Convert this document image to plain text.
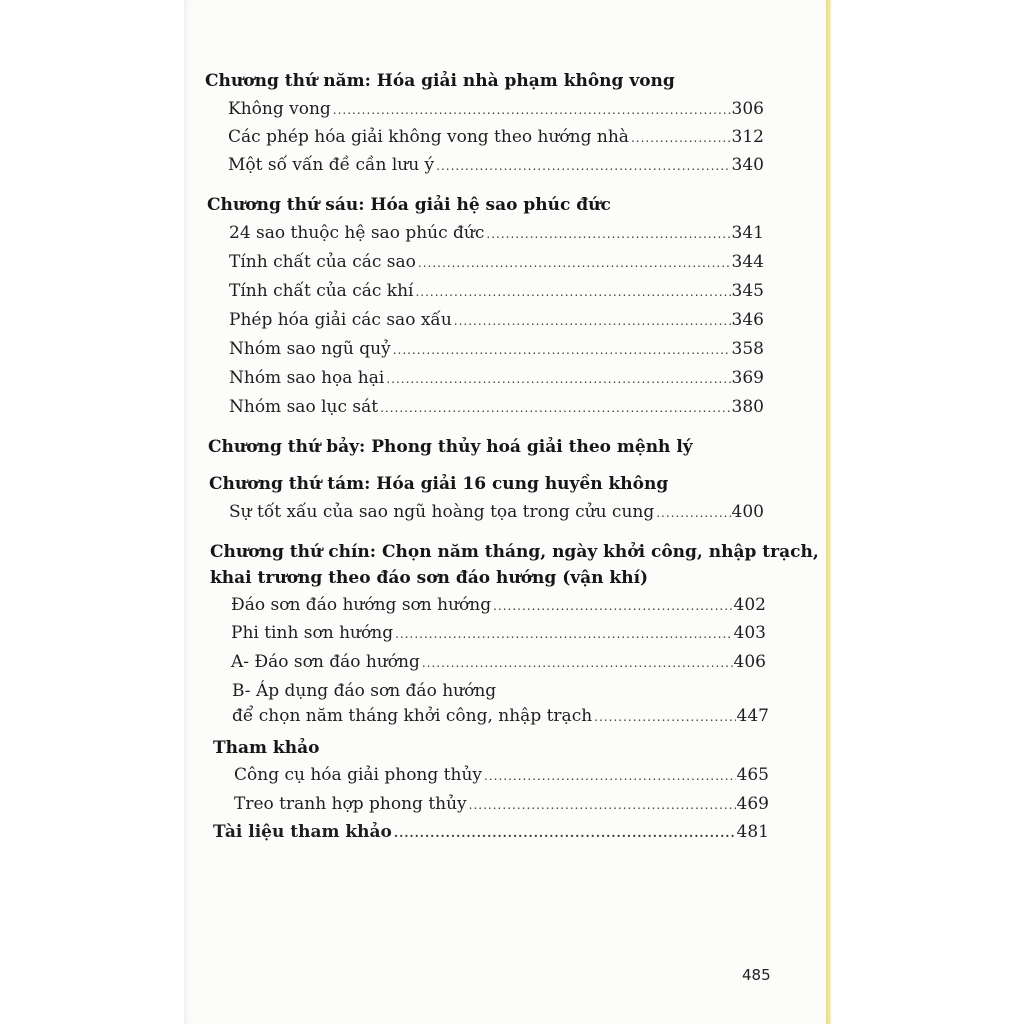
Chương thứ năm: Hóa giải nhà phạm không vong
Không vong .....	306
Các phép hóa giải không vong theo hướng nhà .....	312
Một số vấn đề cần lưu ý .....	340
Chương thứ sáu: Hóa giải hệ sao phúc đức
24 sao thuộc hệ sao phúc đức .....	341
Tính chất của các sao .....	344
Tính chất của các khí .....	345
Phép hóa giải các sao xấu .....	346
Nhóm sao ngũ quỷ .....	358
Nhóm sao họa hại .....	369
Nhóm sao lục sát .....	380
Chương thứ bảy: Phong thủy hoá giải theo mệnh lý
Chương thứ tám: Hóa giải 16 cung huyền không
Sự tốt xấu của sao ngũ hoàng tọa trong cửu cung .....	400
Chương thứ chín: Chọn năm tháng, ngày khởi công, nhập trạch,
khai trương theo đáo sơn đáo hướng (vận khí)
Đáo sơn đáo hướng sơn hướng .....	402
Phi tinh sơn hướng .....	403
A- Đáo sơn đáo hướng .....	406
B- Áp dụng đáo sơn đáo hướng
để chọn năm tháng khởi công, nhập trạch .....	447
Tham khảo
Công cụ hóa giải phong thủy .....	465
Treo tranh hợp phong thủy .....	469
Tài liệu tham khảo .....	481
485
